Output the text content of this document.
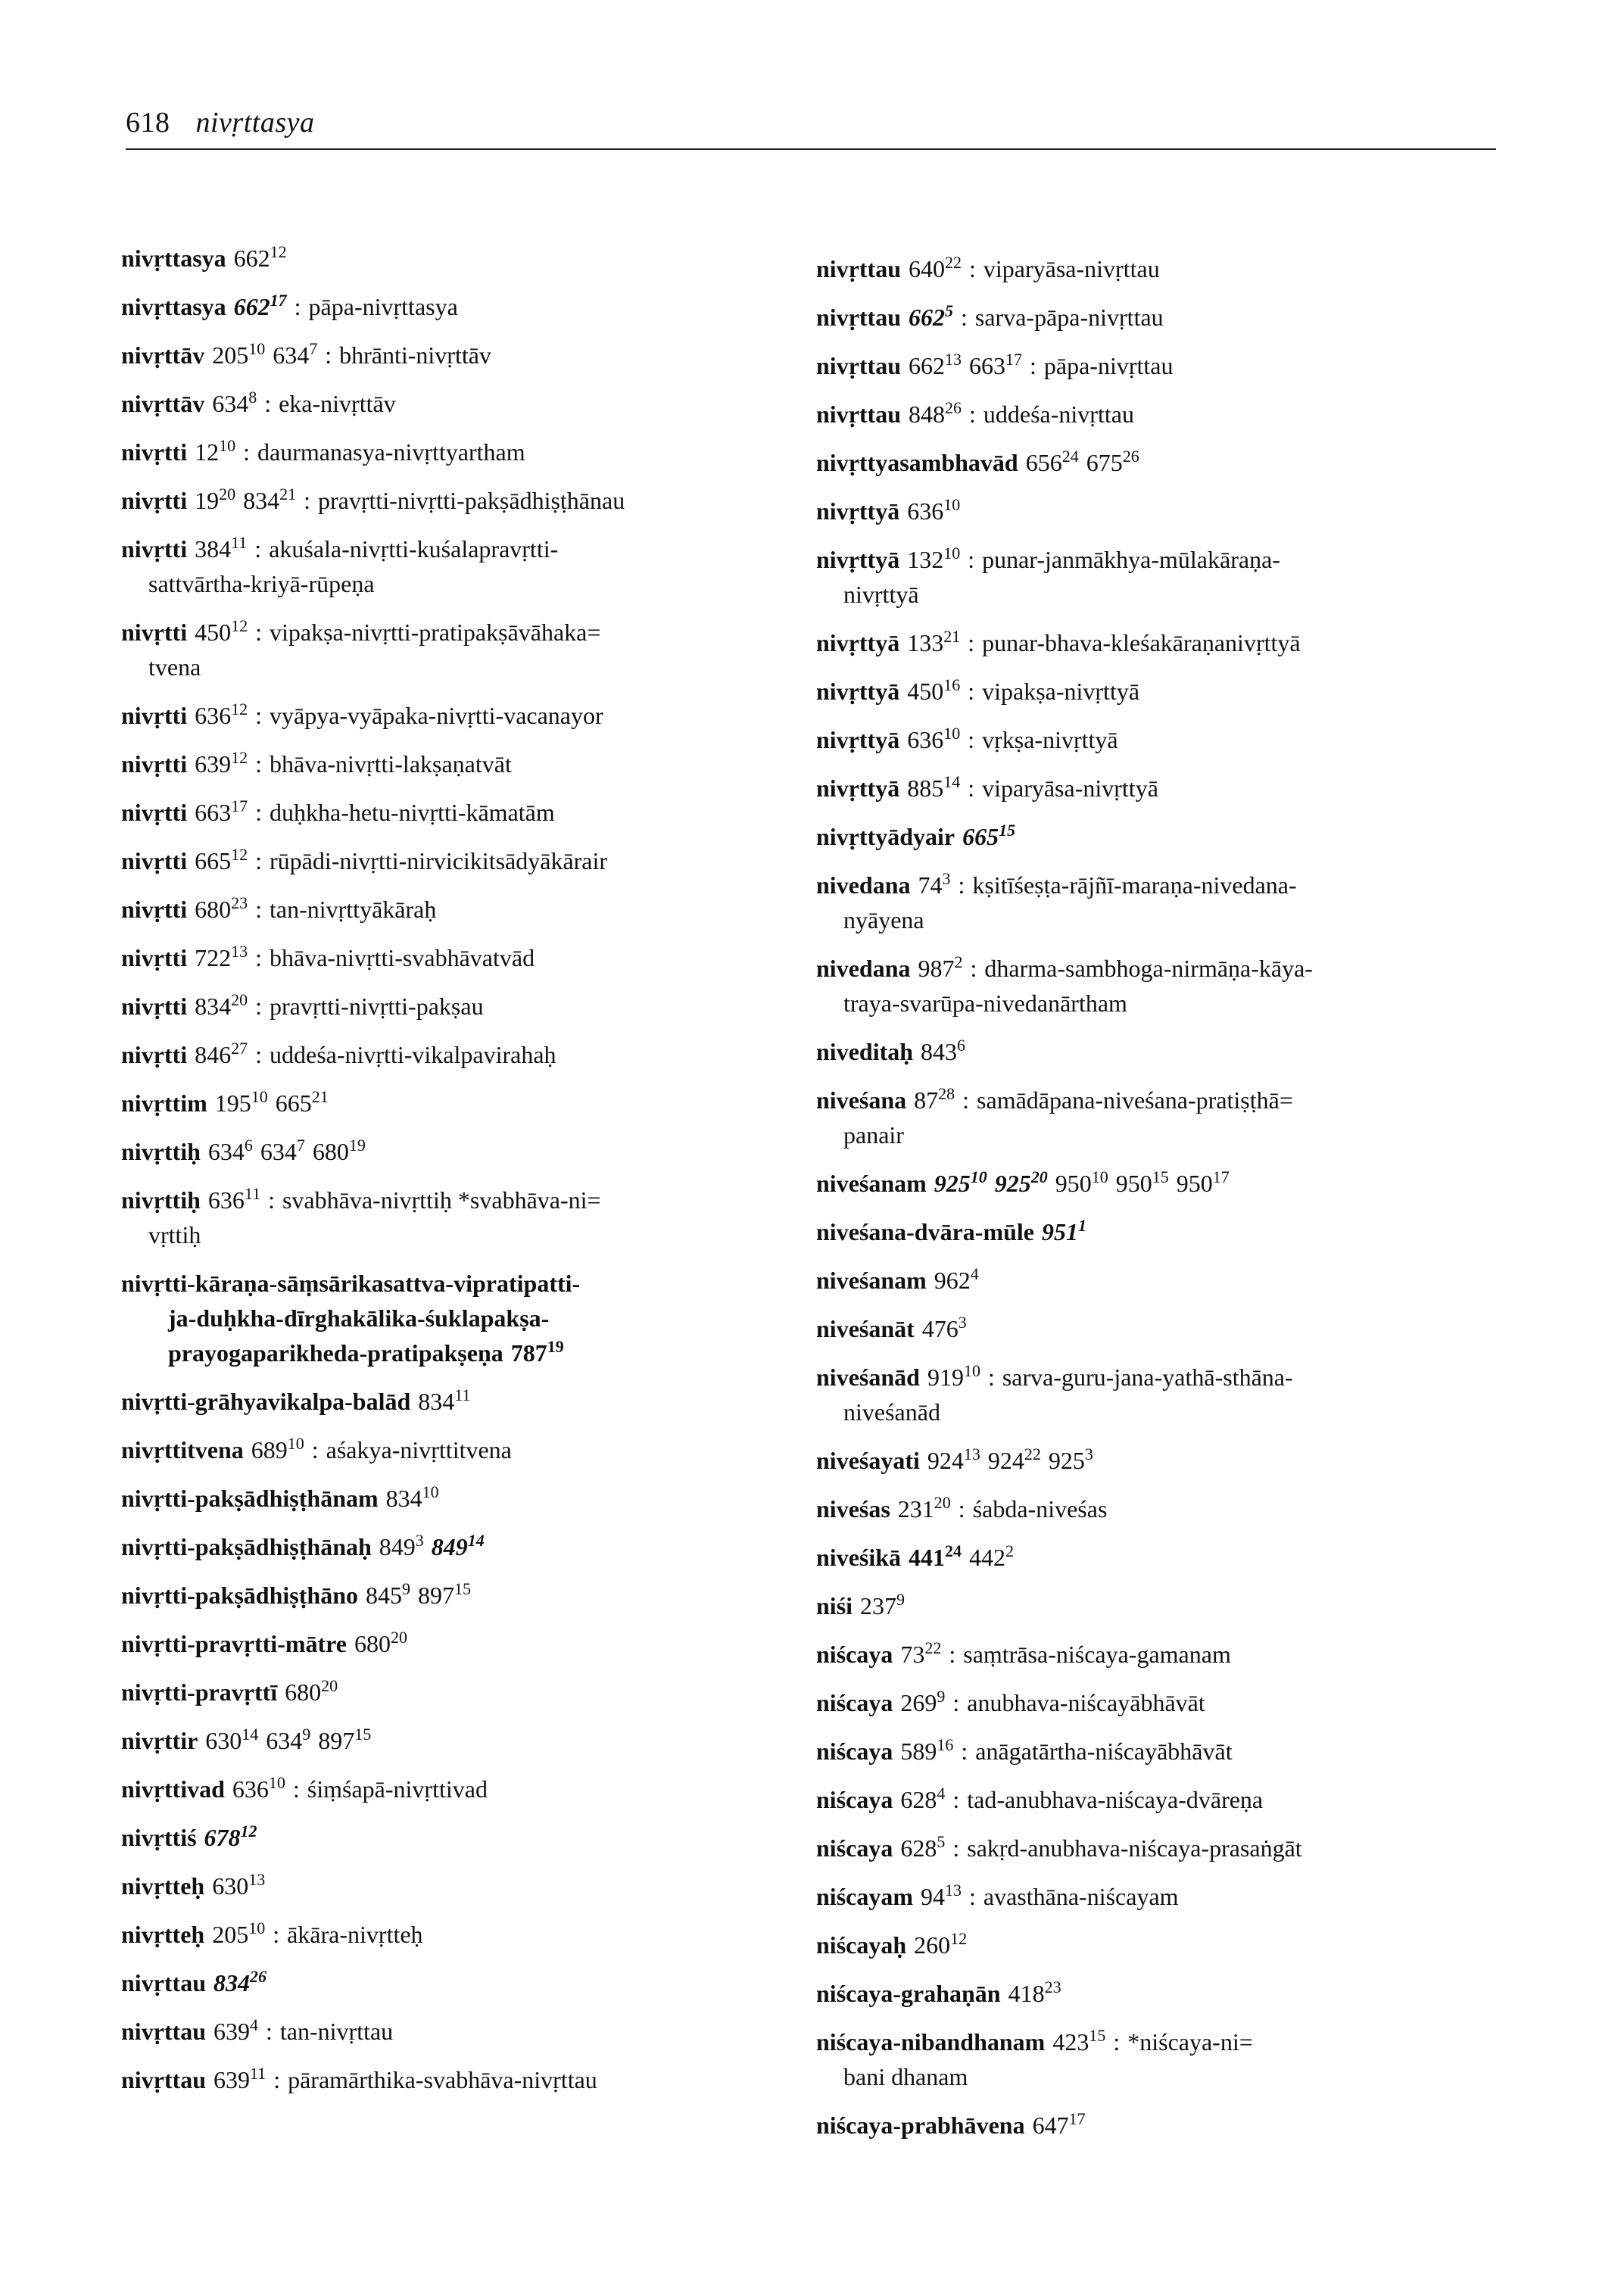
618 nivṛttasya
nivṛttasya $662^{12}$
nivṛttasya $662^{17}$ : pāpa-nivṛttasya
nivṛttāv $205^{10}$ $634^7$ : bhrānti-nivṛttāv
nivṛttāv $634^8$ : eka-nivṛttāv
nivṛtti $12^{10}$ : daurmanasya-nivṛttyartham
nivṛtti $19^{20}$ $834^{21}$ : pravṛtti-nivṛtti-pakṣādhiṣṭhānau
nivṛtti $384^{11}$ : akuśala-nivṛtti-kuśalapravṛtti-
sattvārtha-kriyā-rūpeṇa
nivṛtti $450^{12}$ : vipakṣa-nivṛtti-pratipakṣāvāhaka=
tvena
nivṛtti $636^{12}$ : vyāpya-vyāpaka-nivṛtti-vacanayor
nivṛtti $639^{12}$ : bhāva-nivṛtti-lakṣaṇatvāt
nivṛtti $663^{17}$ : duḥkha-hetu-nivṛtti-kāmatām
nivṛtti $665^{12}$ : rūpādi-nivṛtti-nirvicikitsādyākārair
nivṛtti $680^{23}$ : tan-nivṛttyākāraḥ
nivṛtti $722^{13}$ : bhāva-nivṛtti-svabhāvatvād
nivṛtti $834^{20}$ : pravṛtti-nivṛtti-pakṣau
nivṛtti $846^{27}$ : uddeśa-nivṛtti-vikalpavirahaḥ
nivṛttim $195^{10}$ $665^{21}$
nivṛttiḥ $634^6$ $634^7$ $680^{19}$
nivṛttiḥ $636^{11}$ : svabhāva-nivṛttiḥ *svabhāva-ni=
vṛttiḥ
nivṛtti-kāraṇa-sāṃsārikasattva-vipratipatti-
ja-duḥkha-dīrghakālika-śuklapakṣa-
prayogaparikheda-pratipakṣeṇa $787^{19}$
nivṛtti-grāhyavikalpa-balād $834^{11}$
nivṛttitvena $689^{10}$ : aśakya-nivṛttitvena
nivṛtti-pakṣādhiṣṭhānam $834^{10}$
nivṛtti-pakṣādhiṣṭhānaḥ $849^3$ $849^{14}$
nivṛtti-pakṣādhiṣṭhāno $845^9$ $897^{15}$
nivṛtti-pravṛtti-mātre $680^{20}$
nivṛtti-pravṛttī $680^{20}$
nivṛttir $630^{14}$ $634^9$ $897^{15}$
nivṛttivad $636^{10}$ : śiṃśapā-nivṛttivad
nivṛttiś $678^{12}$
nivṛtteḥ $630^{13}$
nivṛtteḥ $205^{10}$ : ākāra-nivṛtteḥ
nivṛttau $834^{26}$
nivṛttau $639^4$ : tan-nivṛttau
nivṛttau $639^{11}$ : pāramārthika-svabhāva-nivṛttau
nivṛttau $640^{22}$ : viparyāsa-nivṛttau
nivṛttau $662^5$ : sarva-pāpa-nivṛttau
nivṛttau $662^{13}$ $663^{17}$ : pāpa-nivṛttau
nivṛttau $848^{26}$ : uddeśa-nivṛttau
nivṛttyasambhavād $656^{24}$ $675^{26}$
nivṛttyā $636^{10}$
nivṛttyā $132^{10}$ : punar-janmākhya-mūlakāraṇa-
nivṛttyā
nivṛttyā $133^{21}$ : punar-bhava-kleśakāraṇanivṛttyā
nivṛttyā $450^{16}$ : vipakṣa-nivṛttyā
nivṛttyā $636^{10}$ : vṛkṣa-nivṛttyā
nivṛttyā $885^{14}$ : viparyāsa-nivṛttyā
nivṛttyādyair $665^{15}$
nivedana $74^3$ : kṣitīśeṣṭa-rājñī-maraṇa-nivedana-
nyāyena
nivedana $987^2$ : dharma-sambhoga-nirmāṇa-kāya-
traya-svarūpa-nivedanārtham
niveditaḥ $843^6$
niveśana $87^{28}$ : samādāpana-niveśana-pratiṣṭhā=
panair
niveśanam $925^{10}$ $925^{20}$ $950^{10}$ $950^{15}$ $950^{17}$
niveśana-dvāra-mūle $951^1$
niveśanam $962^4$
niveśanāt $476^3$
niveśanād $919^{10}$ : sarva-guru-jana-yathā-sthāna-
niveśanād
niveśayati $924^{13}$ $924^{22}$ $925^3$
niveśas $231^{20}$ : śabda-niveśas
niveśikā $441^{24}$ $442^2$
niśi $237^9$
niścaya $73^{22}$ : saṃtrāsa-niścaya-gamanam
niścaya $269^9$ : anubhava-niścayābhāvāt
niścaya $589^{16}$ : anāgatārtha-niścayābhāvāt
niścaya $628^4$ : tad-anubhava-niścaya-dvāreṇa
niścaya $628^5$ : sakṛd-anubhava-niścaya-prasaṅgāt
niścayam $94^{13}$ : avasthāna-niścayam
niścayaḥ $260^{12}$
niścaya-grahaṇān $418^{23}$
niścaya-nibandhanam $423^{15}$ : *niścaya-ni=
bani dhanam
niścaya-prabhāvena $647^{17}$
